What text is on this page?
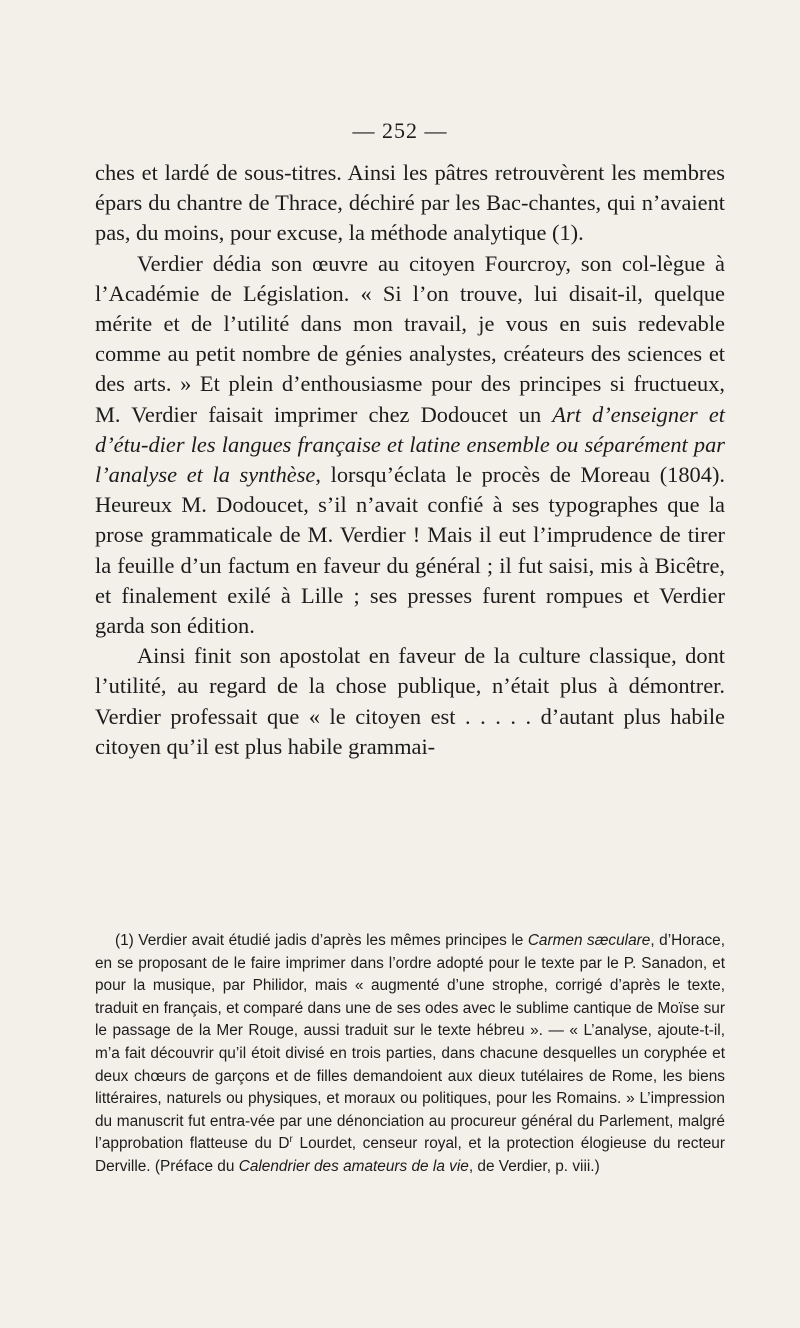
— 252 —

ches et lardé de sous-titres. Ainsi les pâtres retrouvèrent les membres épars du chantre de Thrace, déchiré par les Bac-chantes, qui n’avaient pas, du moins, pour excuse, la méthode analytique (1).

Verdier dédia son œuvre au citoyen Fourcroy, son col-lègue à l’Académie de Législation. « Si l’on trouve, lui disait-il, quelque mérite et de l’utilité dans mon travail, je vous en suis redevable comme au petit nombre de génies analystes, créateurs des sciences et des arts. » Et plein d’enthousiasme pour des principes si fructueux, M. Verdier faisait imprimer chez Dodoucet un Art d’enseigner et d’étu-dier les langues française et latine ensemble ou séparément par l’analyse et la synthèse, lorsqu’éclata le procès de Moreau (1804). Heureux M. Dodoucet, s’il n’avait confié à ses typographes que la prose grammaticale de M. Verdier ! Mais il eut l’imprudence de tirer la feuille d’un factum en faveur du général ; il fut saisi, mis à Bicêtre, et finalement exilé à Lille ; ses presses furent rompues et Verdier garda son édition.

Ainsi finit son apostolat en faveur de la culture classique, dont l’utilité, au regard de la chose publique, n’était plus à démontrer. Verdier professait que « le citoyen est . . . . . d’autant plus habile citoyen qu’il est plus habile grammai-

(1) Verdier avait étudié jadis d’après les mêmes principes le Carmen sæculare, d’Horace, en se proposant de le faire imprimer dans l’ordre adopté pour le texte par le P. Sanadon, et pour la musique, par Philidor, mais « augmenté d’une strophe, corrigé d’après le texte, traduit en français, et comparé dans une de ses odes avec le sublime cantique de Moïse sur le passage de la Mer Rouge, aussi traduit sur le texte hébreu ». — « L’analyse, ajoute-t-il, m’a fait découvrir qu’il étoit divisé en trois parties, dans chacune desquelles un coryphée et deux chœurs de garçons et de filles demandoient aux dieux tutélaires de Rome, les biens littéraires, naturels ou physiques, et moraux ou politiques, pour les Romains. » L’impression du manuscrit fut entra-vée par une dénonciation au procureur général du Parlement, malgré l’approbation flatteuse du $D^r$ Lourdet, censeur royal, et la protection élogieuse du recteur Derville. (Préface du Calendrier des amateurs de la vie, de Verdier, p. viii.)
